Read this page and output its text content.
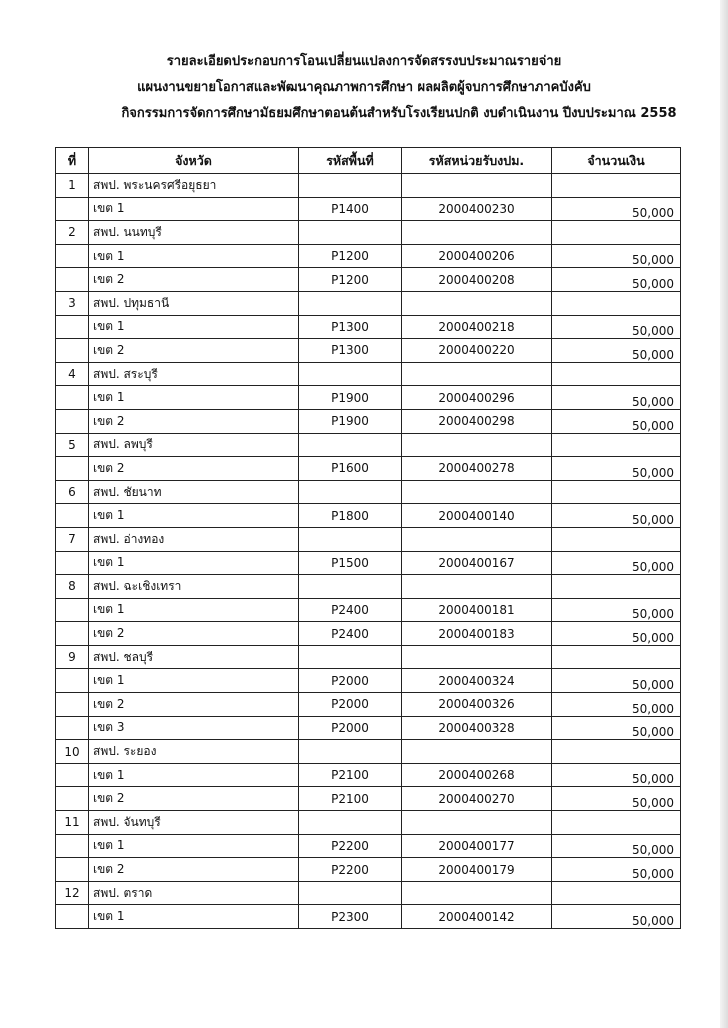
รายละเอียดประกอบการโอนเปลี่ยนแปลงการจัดสรรงบประมาณรายจ่าย
แผนงานขยายโอกาสและพัฒนาคุณภาพการศึกษา ผลผลิตผู้จบการศึกษาภาคบังคับ
กิจกรรมการจัดการศึกษามัธยมศึกษาตอนต้นสำหรับโรงเรียนปกติ งบดำเนินงาน ปีงบประมาณ 2558
ที่	จังหวัด	รหัสพื้นที่	รหัสหน่วยรับงปม.	จำนวนเงิน
1	สพป. พระนครศรีอยุธยา			
	เขต 1	P1400	2000400230	50,000
2	สพป. นนทบุรี			
	เขต 1	P1200	2000400206	50,000
	เขต 2	P1200	2000400208	50,000
3	สพป. ปทุมธานี			
	เขต 1	P1300	2000400218	50,000
	เขต 2	P1300	2000400220	50,000
4	สพป. สระบุรี			
	เขต 1	P1900	2000400296	50,000
	เขต 2	P1900	2000400298	50,000
5	สพป. ลพบุรี			
	เขต 2	P1600	2000400278	50,000
6	สพป. ชัยนาท			
	เขต 1	P1800	2000400140	50,000
7	สพป. อ่างทอง			
	เขต 1	P1500	2000400167	50,000
8	สพป. ฉะเชิงเทรา			
	เขต 1	P2400	2000400181	50,000
	เขต 2	P2400	2000400183	50,000
9	สพป. ชลบุรี			
	เขต 1	P2000	2000400324	50,000
	เขต 2	P2000	2000400326	50,000
	เขต 3	P2000	2000400328	50,000
10	สพป. ระยอง			
	เขต 1	P2100	2000400268	50,000
	เขต 2	P2100	2000400270	50,000
11	สพป. จันทบุรี			
	เขต 1	P2200	2000400177	50,000
	เขต 2	P2200	2000400179	50,000
12	สพป. ตราด			
	เขต 1	P2300	2000400142	50,000
